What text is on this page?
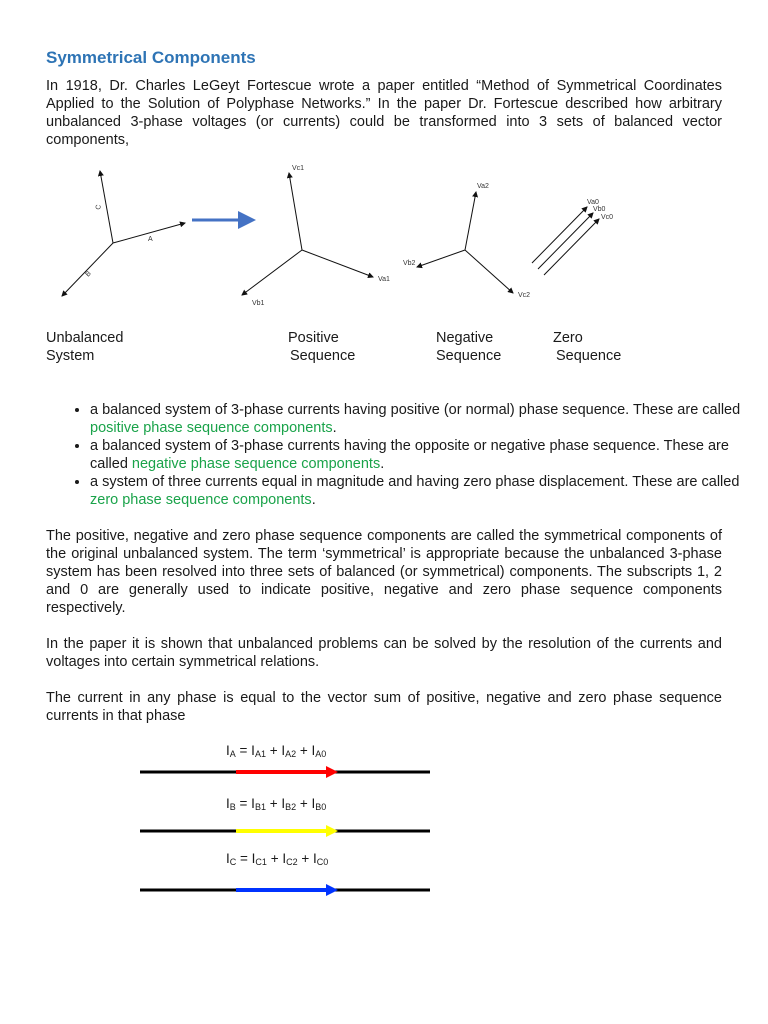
Symmetrical Components
In 1918, Dr. Charles LeGeyt Fortescue wrote a paper entitled “Method of Symmetrical Coordinates Applied to the Solution of Polyphase Networks.” In the paper Dr. Fortescue described how arbitrary unbalanced 3-phase voltages (or currents) could be transformed into 3 sets of balanced vector components,
A
C
B
Vc1
Va1
Vb1
Va2
Vb2
Vc2
Va0
Vb0
Vc0
Unbalanced
System
Positive
Sequence
Negative
Sequence
Zero
Sequence
• a balanced system of 3-phase currents having positive (or normal) phase sequence. These are called positive phase sequence components.
• a balanced system of 3-phase currents having the opposite or negative phase sequence. These are called negative phase sequence components.
• a system of three currents equal in magnitude and having zero phase displacement. These are called zero phase sequence components.
The positive, negative and zero phase sequence components are called the symmetrical components of the original unbalanced system. The term ‘symmetrical’ is appropriate because the unbalanced 3-phase system has been resolved into three sets of balanced (or symmetrical) components. The subscripts 1, 2 and 0 are generally used to indicate positive, negative and zero phase sequence components respectively.
In the paper it is shown that unbalanced problems can be solved by the resolution of the currents and voltages into certain symmetrical relations.
The current in any phase is equal to the vector sum of positive, negative and zero phase sequence currents in that phase
$I_A = I_{A1} + I_{A2} + I_{A0}$
$I_B = I_{B1} + I_{B2} + I_{B0}$
$I_C = I_{C1} + I_{C2} + I_{C0}$
